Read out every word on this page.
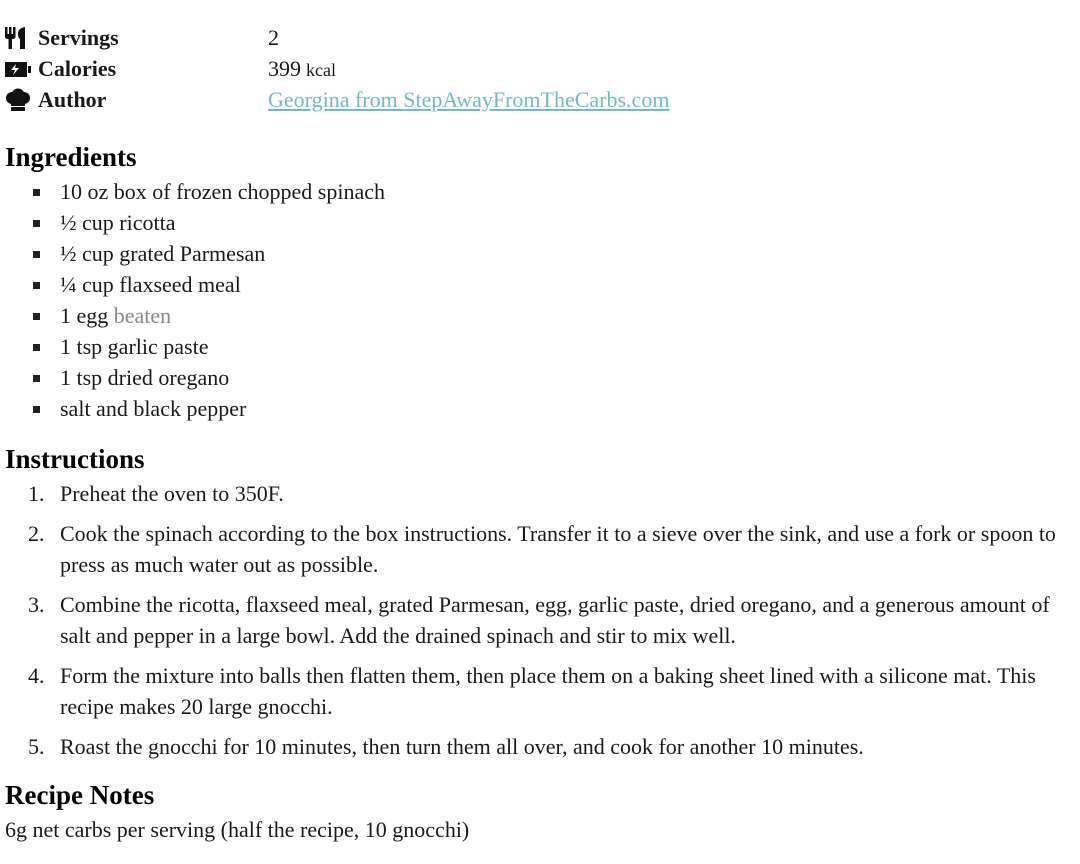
Servings	2
Calories	399 kcal
Author	Georgina from StepAwayFromTheCarbs.com
Ingredients
10 oz box of frozen chopped spinach
½ cup ricotta
½ cup grated Parmesan
¼ cup flaxseed meal
1 egg beaten
1 tsp garlic paste
1 tsp dried oregano
salt and black pepper
Instructions
1. Preheat the oven to 350F.
2. Cook the spinach according to the box instructions. Transfer it to a sieve over the sink, and use a fork or spoon to press as much water out as possible.
3. Combine the ricotta, flaxseed meal, grated Parmesan, egg, garlic paste, dried oregano, and a generous amount of salt and pepper in a large bowl. Add the drained spinach and stir to mix well.
4. Form the mixture into balls then flatten them, then place them on a baking sheet lined with a silicone mat. This recipe makes 20 large gnocchi.
5. Roast the gnocchi for 10 minutes, then turn them all over, and cook for another 10 minutes.
Recipe Notes
6g net carbs per serving (half the recipe, 10 gnocchi)
